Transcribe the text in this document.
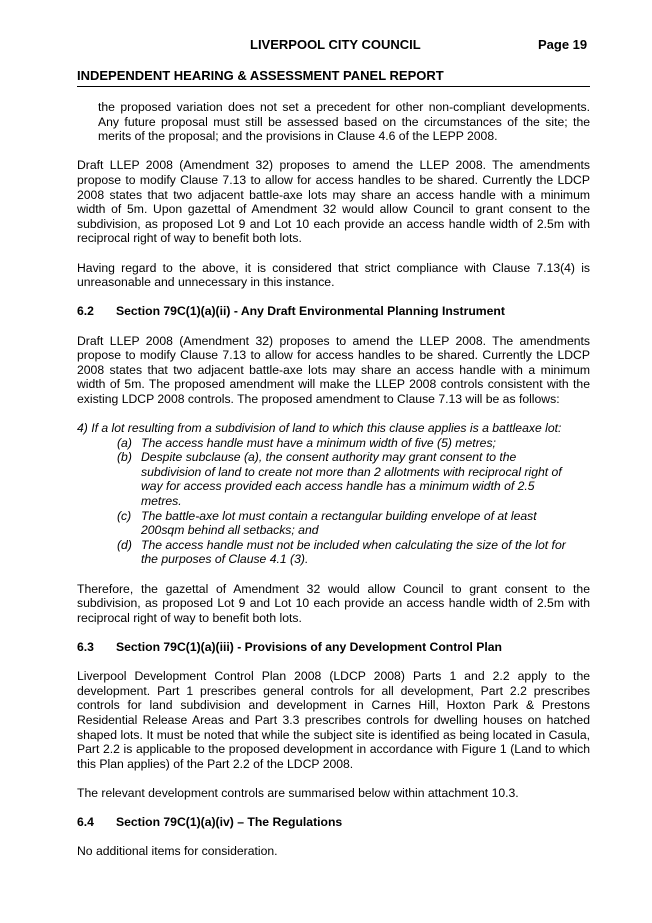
LIVERPOOL CITY COUNCIL	Page 19
INDEPENDENT HEARING & ASSESSMENT PANEL REPORT

the proposed variation does not set a precedent for other non-compliant developments. Any future proposal must still be assessed based on the circumstances of the site; the merits of the proposal; and the provisions in Clause 4.6 of the LEPP 2008.

Draft LLEP 2008 (Amendment 32) proposes to amend the LLEP 2008. The amendments propose to modify Clause 7.13 to allow for access handles to be shared. Currently the LDCP 2008 states that two adjacent battle-axe lots may share an access handle with a minimum width of 5m. Upon gazettal of Amendment 32 would allow Council to grant consent to the subdivision, as proposed Lot 9 and Lot 10 each provide an access handle width of 2.5m with reciprocal right of way to benefit both lots.

Having regard to the above, it is considered that strict compliance with Clause 7.13(4) is unreasonable and unnecessary in this instance.

6.2	Section 79C(1)(a)(ii) - Any Draft Environmental Planning Instrument

Draft LLEP 2008 (Amendment 32) proposes to amend the LLEP 2008. The amendments propose to modify Clause 7.13 to allow for access handles to be shared. Currently the LDCP 2008 states that two adjacent battle-axe lots may share an access handle with a minimum width of 5m. The proposed amendment will make the LLEP 2008 controls consistent with the existing LDCP 2008 controls. The proposed amendment to Clause 7.13 will be as follows:

4) If a lot resulting from a subdivision of land to which this clause applies is a battleaxe lot:

(a) The access handle must have a minimum width of five (5) metres;
(b) Despite subclause (a), the consent authority may grant consent to the subdivision of land to create not more than 2 allotments with reciprocal right of way for access provided each access handle has a minimum width of 2.5 metres.
(c) The battle-axe lot must contain a rectangular building envelope of at least 200sqm behind all setbacks; and
(d) The access handle must not be included when calculating the size of the lot for the purposes of Clause 4.1 (3).

Therefore, the gazettal of Amendment 32 would allow Council to grant consent to the subdivision, as proposed Lot 9 and Lot 10 each provide an access handle width of 2.5m with reciprocal right of way to benefit both lots.

6.3	Section 79C(1)(a)(iii) - Provisions of any Development Control Plan

Liverpool Development Control Plan 2008 (LDCP 2008) Parts 1 and 2.2 apply to the development. Part 1 prescribes general controls for all development, Part 2.2 prescribes controls for land subdivision and development in Carnes Hill, Hoxton Park & Prestons Residential Release Areas and Part 3.3 prescribes controls for dwelling houses on hatched shaped lots. It must be noted that while the subject site is identified as being located in Casula, Part 2.2 is applicable to the proposed development in accordance with Figure 1 (Land to which this Plan applies) of the Part 2.2 of the LDCP 2008.

The relevant development controls are summarised below within attachment 10.3.

6.4	Section 79C(1)(a)(iv) – The Regulations

No additional items for consideration.
